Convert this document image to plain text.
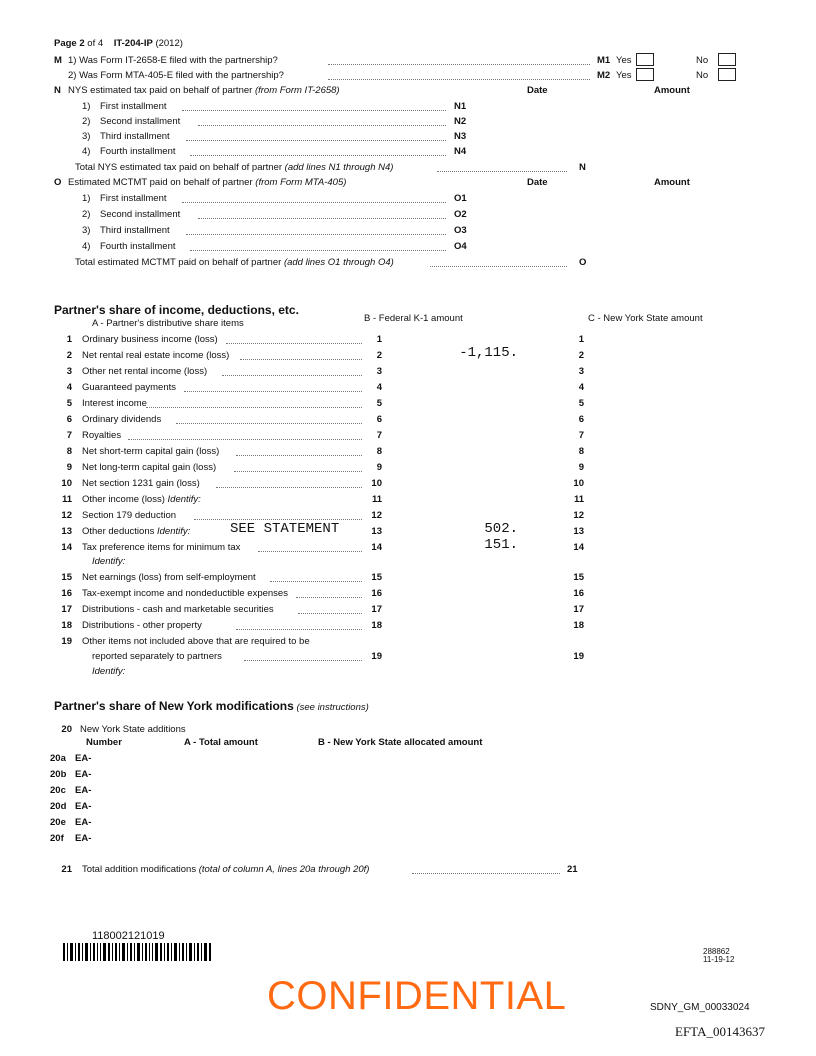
Page 2 of 4 IT-204-IP (2012)
M 1) Was Form IT-2658-E filed with the partnership?	M1 Yes	No
2) Was Form MTA-405-E filed with the partnership?	M2 Yes	No
N NYS estimated tax paid on behalf of partner (from Form IT-2658)	Date	Amount
1) First installment	N1
2) Second installment	N2
3) Third installment	N3
4) Fourth installment	N4
Total NYS estimated tax paid on behalf of partner (add lines N1 through N4)	N
O Estimated MCTMT paid on behalf of partner (from Form MTA-405)	Date	Amount
1) First installment	O1
2) Second installment	O2
3) Third installment	O3
4) Fourth installment	O4
Total estimated MCTMT paid on behalf of partner (add lines O1 through O4)	O
Partner's share of income, deductions, etc.
A - Partner's distributive share items	B - Federal K-1 amount	C - New York State amount
1 Ordinary business income (loss)	1	1
2 Net rental real estate income (loss)	2	-1,115.	2
3 Other net rental income (loss)	3	3
4 Guaranteed payments	4	4
5 Interest income	5	5
6 Ordinary dividends	6	6
7 Royalties	7	7
8 Net short-term capital gain (loss)	8	8
9 Net long-term capital gain (loss)	9	9
10 Net section 1231 gain (loss)	10	10
11 Other income (loss) Identify:	11	11
12 Section 179 deduction	12	12
13 Other deductions Identify:	SEE STATEMENT	13	502.	13
14 Tax preference items for minimum tax	14	151.	14
Identify:
15 Net earnings (loss) from self-employment	15	15
16 Tax-exempt income and nondeductible expenses	16	16
17 Distributions - cash and marketable securities	17	17
18 Distributions - other property	18	18
19 Other items not included above that are required to be
reported separately to partners	19	19
Identify:
Partner's share of New York modifications (see instructions)
20 New York State additions
Number	A - Total amount	B - New York State allocated amount
20a EA-
20b EA-
20c EA-
20d EA-
20e EA-
20f EA-
21 Total addition modifications (total of column A, lines 20a through 20f)	21
118002121019
288862
11-19-12
CONFIDENTIAL	SDNY_GM_00033024
EFTA_00143637
